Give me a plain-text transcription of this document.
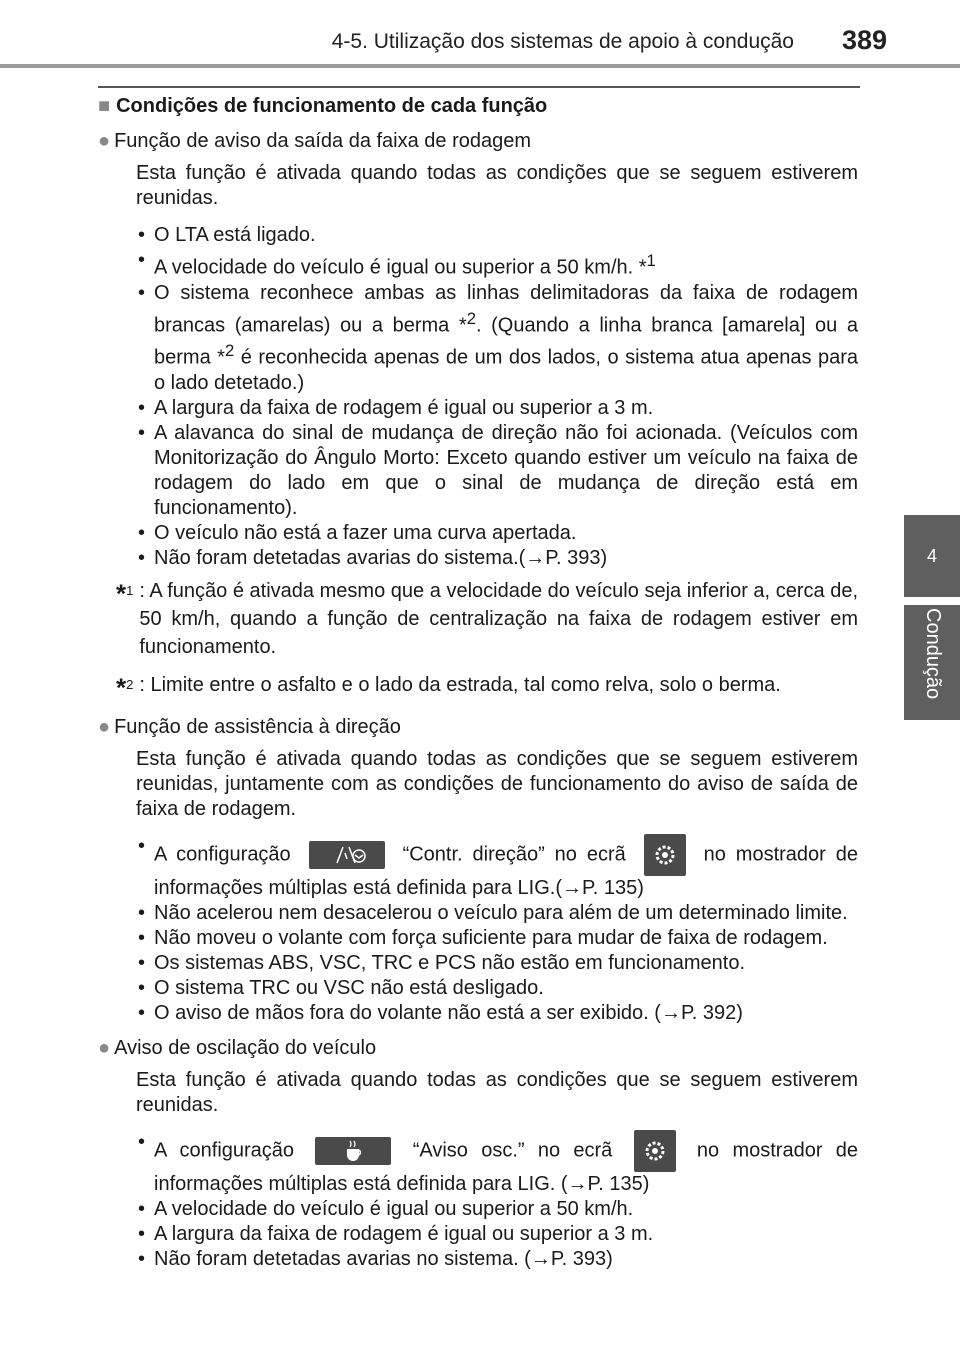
4-5. Utilização dos sistemas de apoio à condução 389
4
Condução
■ Condições de funcionamento de cada função
● Função de aviso da saída da faixa de rodagem

Esta função é ativada quando todas as condições que se seguem estiverem reunidas.

• O LTA está ligado.
• A velocidade do veículo é igual ou superior a 50 km/h. *$^1$
• O sistema reconhece ambas as linhas delimitadoras da faixa de rodagem brancas (amarelas) ou a berma *$^2$. (Quando a linha branca [amarela] ou a berma *$^2$ é reconhecida apenas de um dos lados, o sistema atua apenas para o lado detetado.)
• A largura da faixa de rodagem é igual ou superior a 3 m.
• A alavanca do sinal de mudança de direção não foi acionada. (Veículos com Monitorização do Ângulo Morto: Exceto quando estiver um veículo na faixa de rodagem do lado em que o sinal de mudança de direção está em funcionamento).
• O veículo não está a fazer uma curva apertada.
• Não foram detetadas avarias do sistema.(→P. 393)
*$^1$ : A função é ativada mesmo que a velocidade do veículo seja inferior a, cerca de, 50 km/h, quando a função de centralização na faixa de rodagem estiver em funcionamento.
*$^2$ : Limite entre o asfalto e o lado da estrada, tal como relva, solo o berma.
● Função de assistência à direção

Esta função é ativada quando todas as condições que se seguem estiverem reunidas, juntamente com as condições de funcionamento do aviso de saída de faixa de rodagem.

• A configuração	“Contr. direção” no ecrã	no mostrador de informações múltiplas está definida para LIG.(→P. 135)
• Não acelerou nem desacelerou o veículo para além de um determinado limite.
• Não moveu o volante com força suficiente para mudar de faixa de rodagem.
• Os sistemas ABS, VSC, TRC e PCS não estão em funcionamento.
• O sistema TRC ou VSC não está desligado.
• O aviso de mãos fora do volante não está a ser exibido. (→P. 392)
● Aviso de oscilação do veículo

Esta função é ativada quando todas as condições que se seguem estiverem reunidas.

• A configuração	“Aviso osc.” no ecrã	no mostrador de informações múltiplas está definida para LIG. (→P. 135)
• A velocidade do veículo é igual ou superior a 50 km/h.
• A largura da faixa de rodagem é igual ou superior a 3 m.
• Não foram detetadas avarias no sistema. (→P. 393)
